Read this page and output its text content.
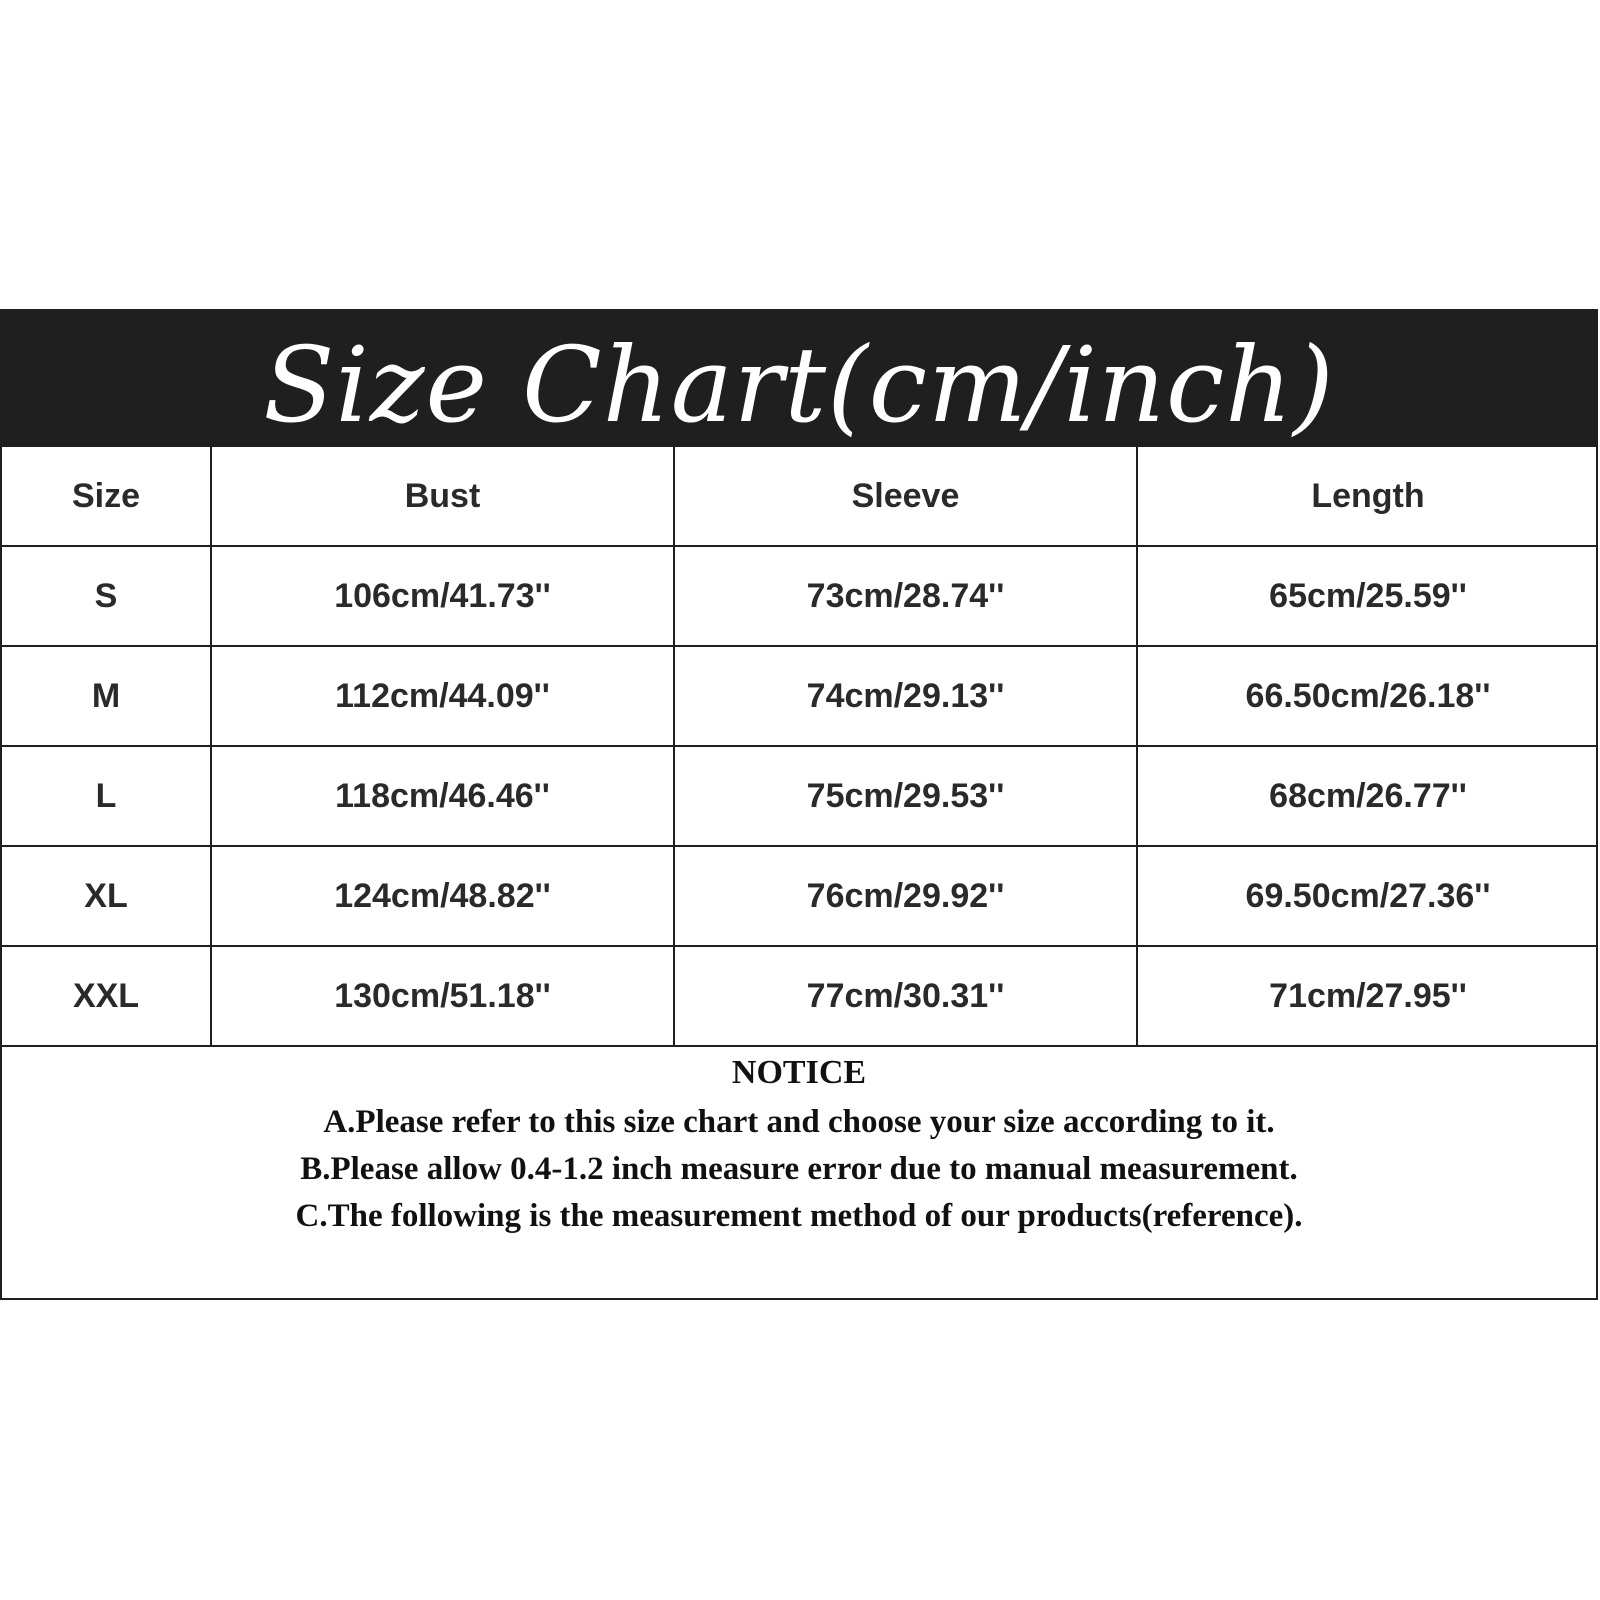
Size Chart(cm/inch)
Size	Bust	Sleeve	Length
S	106cm/41.73''	73cm/28.74''	65cm/25.59''
M	112cm/44.09''	74cm/29.13''	66.50cm/26.18''
L	118cm/46.46''	75cm/29.53''	68cm/26.77''
XL	124cm/48.82''	76cm/29.92''	69.50cm/27.36''
XXL	130cm/51.18''	77cm/30.31''	71cm/27.95''
NOTICE
A.Please refer to this size chart and choose your size according to it.
B.Please allow 0.4-1.2 inch measure error due to manual measurement.
C.The following is the measurement method of our products(reference).
